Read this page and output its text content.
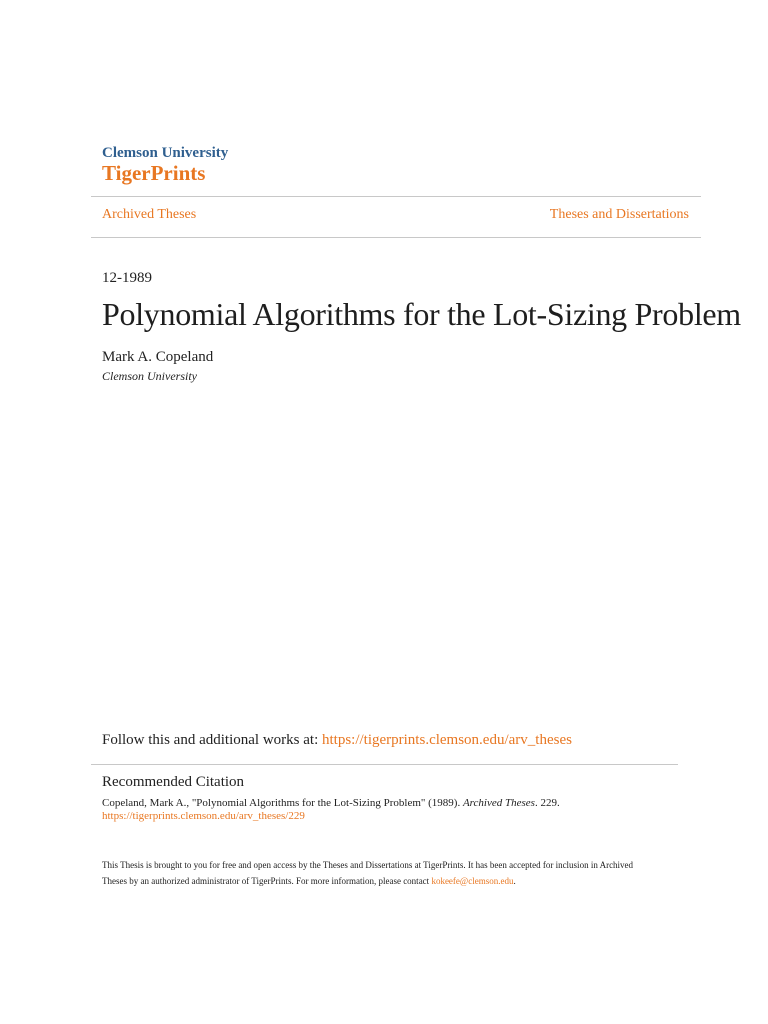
Clemson University
TigerPrints
Archived Theses	Theses and Dissertations
12-1989
Polynomial Algorithms for the Lot-Sizing Problem
Mark A. Copeland
Clemson University
Follow this and additional works at: https://tigerprints.clemson.edu/arv_theses
Recommended Citation
Copeland, Mark A., "Polynomial Algorithms for the Lot-Sizing Problem" (1989). Archived Theses. 229.
https://tigerprints.clemson.edu/arv_theses/229
This Thesis is brought to you for free and open access by the Theses and Dissertations at TigerPrints. It has been accepted for inclusion in Archived
Theses by an authorized administrator of TigerPrints. For more information, please contact kokeefe@clemson.edu.
